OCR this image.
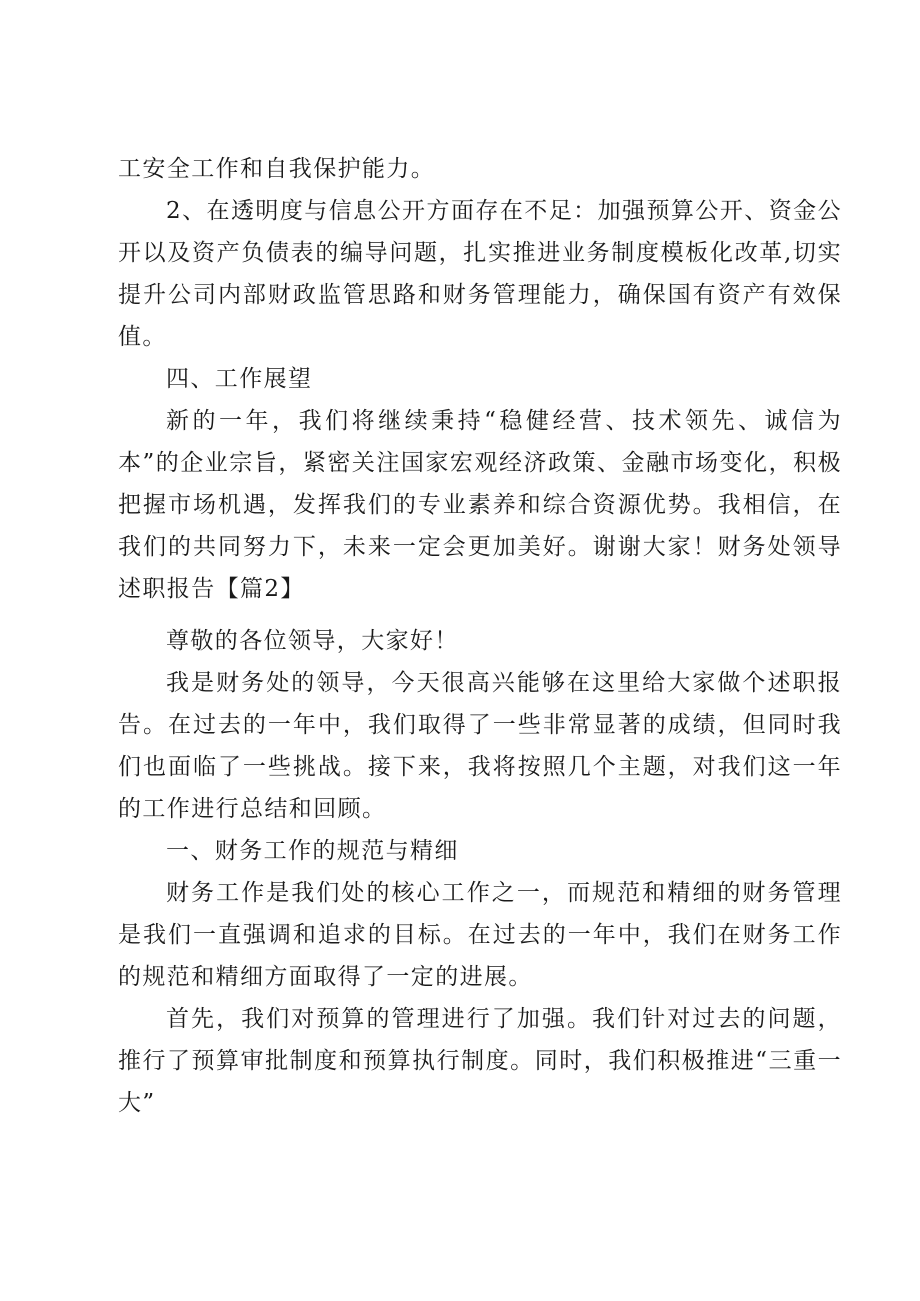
工安全工作和自我保护能力。

2、在透明度与信息公开方面存在不足：加强预算公开、资金公开以及资产负债表的编导问题，扎实推进业务制度模板化改革,切实提升公司内部财政监管思路和财务管理能力，确保国有资产有效保值。

四、工作展望

新的一年，我们将继续秉持“稳健经营、技术领先、诚信为本”的企业宗旨，紧密关注国家宏观经济政策、金融市场变化，积极把握市场机遇，发挥我们的专业素养和综合资源优势。我相信，在我们的共同努力下，未来一定会更加美好。谢谢大家！财务处领导述职报告【篇2】

尊敬的各位领导，大家好！

我是财务处的领导，今天很高兴能够在这里给大家做个述职报告。在过去的一年中，我们取得了一些非常显著的成绩，但同时我们也面临了一些挑战。接下来，我将按照几个主题，对我们这一年的工作进行总结和回顾。

一、财务工作的规范与精细

财务工作是我们处的核心工作之一，而规范和精细的财务管理是我们一直强调和追求的目标。在过去的一年中，我们在财务工作的规范和精细方面取得了一定的进展。

首先，我们对预算的管理进行了加强。我们针对过去的问题，推行了预算审批制度和预算执行制度。同时，我们积极推进“三重一大”
